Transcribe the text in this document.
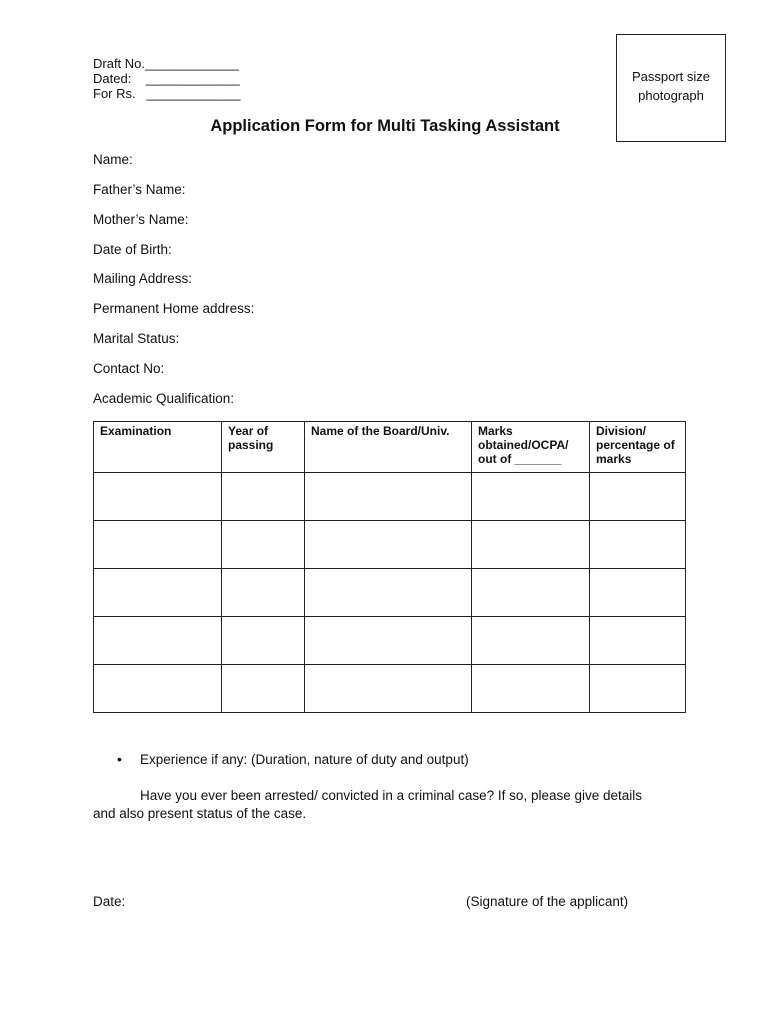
Draft No._____________
Dated:    _____________
For Rs.   _____________
Passport size
photograph
Application Form for Multi Tasking Assistant
Name:
Father’s Name:
Mother’s Name:
Date of Birth:
Mailing Address:
Permanent Home address:
Marital Status:
Contact No:
Academic Qualification:
Examination	Year of passing	Name of the Board/Univ.	Marks obtained/OCPA/ out of _______	Division/ percentage of marks

• Experience if any: (Duration, nature of duty and output)
Have you ever been arrested/ convicted in a criminal case? If so, please give details
and also present status of the case.
Date:	(Signature of the applicant)
